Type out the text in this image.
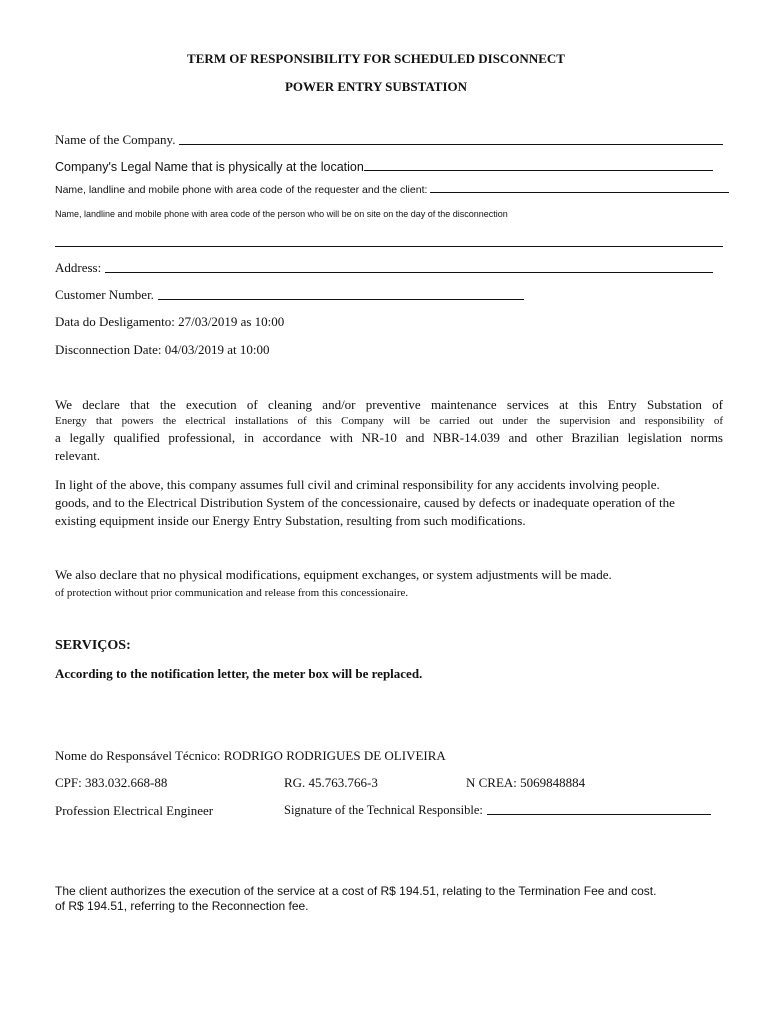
TERM OF RESPONSIBILITY FOR SCHEDULED DISCONNECT
POWER ENTRY SUBSTATION
Name of the Company.
Company's Legal Name that is physically at the location
Name, landline and mobile phone with area code of the requester and the client:
Name, landline and mobile phone with area code of the person who will be on site on the day of the disconnection
Address:
Customer Number.
Data do Desligamento: 27/03/2019 as 10:00
Disconnection Date: 04/03/2019 at 10:00
We declare that the execution of cleaning and/or preventive maintenance services at this Entry Substation of
Energy that powers the electrical installations of this Company will be carried out under the supervision and responsibility of
a legally qualified professional, in accordance with NR-10 and NBR-14.039 and other Brazilian legislation norms
relevant.
In light of the above, this company assumes full civil and criminal responsibility for any accidents involving people.
goods, and to the Electrical Distribution System of the concessionaire, caused by defects or inadequate operation of the
existing equipment inside our Energy Entry Substation, resulting from such modifications.
We also declare that no physical modifications, equipment exchanges, or system adjustments will be made.
of protection without prior communication and release from this concessionaire.
SERVIÇOS:
According to the notification letter, the meter box will be replaced.
Nome do Responsável Técnico: RODRIGO RODRIGUES DE OLIVEIRA
CPF: 383.032.668-88	RG. 45.763.766-3	N CREA: 5069848884
Profession Electrical Engineer	Signature of the Technical Responsible:
The client authorizes the execution of the service at a cost of R$ 194.51, relating to the Termination Fee and cost.
of R$ 194.51, referring to the Reconnection fee.
